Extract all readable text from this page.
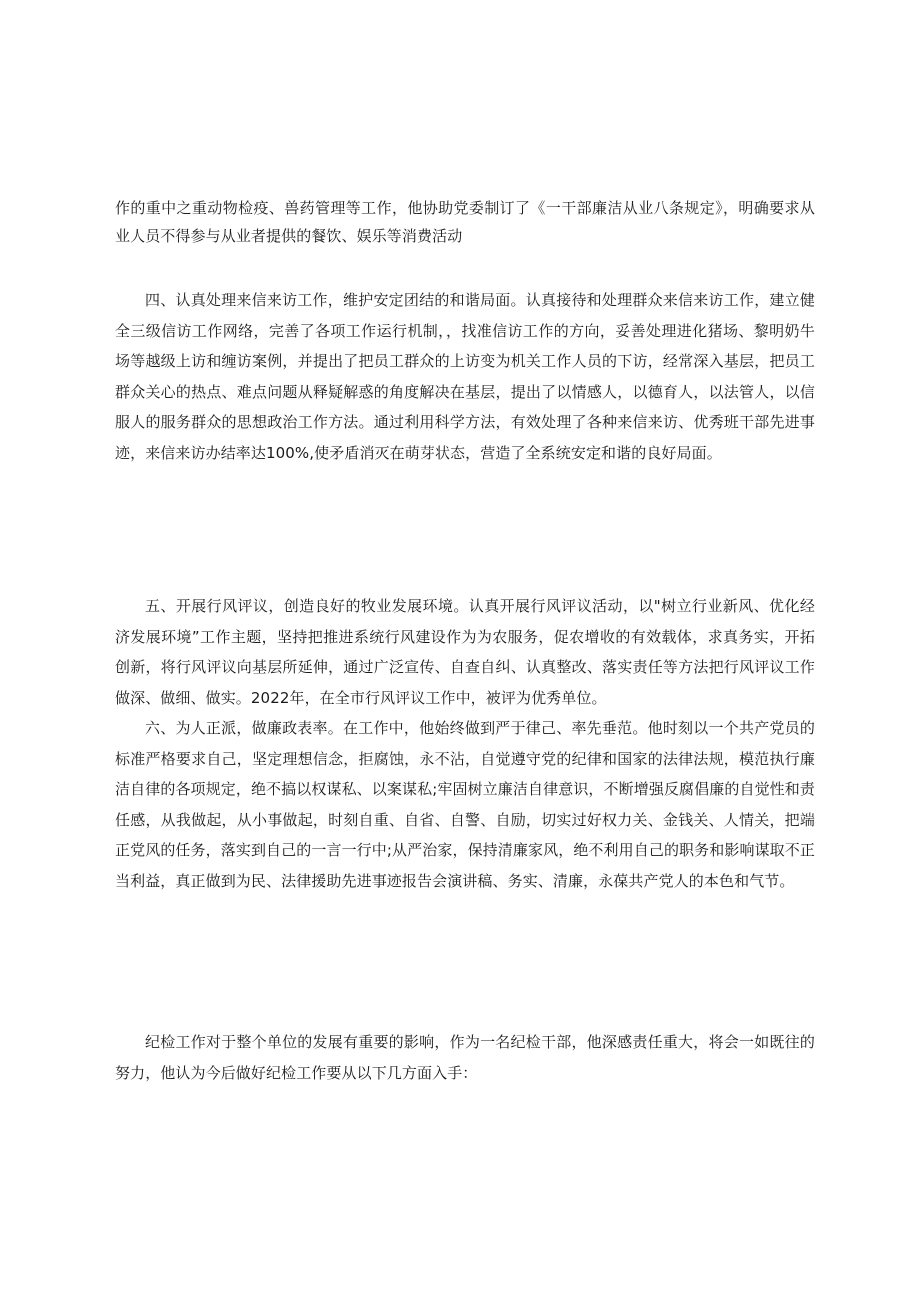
作的重中之重动物检疫、兽药管理等工作，他协助党委制订了《一干部廉洁从业八条规定》，明确要求从业人员不得参与从业者提供的餐饮、娱乐等消费活动

四、认真处理来信来访工作，维护安定团结的和谐局面。认真接待和处理群众来信来访工作，建立健全三级信访工作网络，完善了各项工作运行机制，，找准信访工作的方向，妥善处理进化猪场、黎明奶牛场等越级上访和缠访案例，并提出了把员工群众的上访变为机关工作人员的下访，经常深入基层，把员工群众关心的热点、难点问题从释疑解惑的角度解决在基层，提出了以情感人，以德育人，以法管人，以信服人的服务群众的思想政治工作方法。通过利用科学方法，有效处理了各种来信来访、优秀班干部先进事迹，来信来访办结率达100%,使矛盾消灭在萌芽状态，营造了全系统安定和谐的良好局面。

五、开展行风评议，创造良好的牧业发展环境。认真开展行风评议活动，以"树立行业新风、优化经济发展环境”工作主题，坚持把推进系统行风建设作为为农服务，促农增收的有效载体，求真务实，开拓创新，将行风评议向基层所延伸，通过广泛宣传、自查自纠、认真整改、落实责任等方法把行风评议工作做深、做细、做实。2022年，在全市行风评议工作中，被评为优秀单位。

六、为人正派，做廉政表率。在工作中，他始终做到严于律己、率先垂范。他时刻以一个共产党员的标准严格要求自己，坚定理想信念，拒腐蚀，永不沾，自觉遵守党的纪律和国家的法律法规，模范执行廉洁自律的各项规定，绝不搞以权谋私、以案谋私;牢固树立廉洁自律意识，不断增强反腐倡廉的自觉性和责任感，从我做起，从小事做起，时刻自重、自省、自警、自励，切实过好权力关、金钱关、人情关，把端正党风的任务，落实到自己的一言一行中;从严治家，保持清廉家风，绝不利用自己的职务和影响谋取不正当利益，真正做到为民、法律援助先进事迹报告会演讲稿、务实、清廉，永葆共产党人的本色和气节。

纪检工作对于整个单位的发展有重要的影响，作为一名纪检干部，他深感责任重大，将会一如既往的努力，他认为今后做好纪检工作要从以下几方面入手：
